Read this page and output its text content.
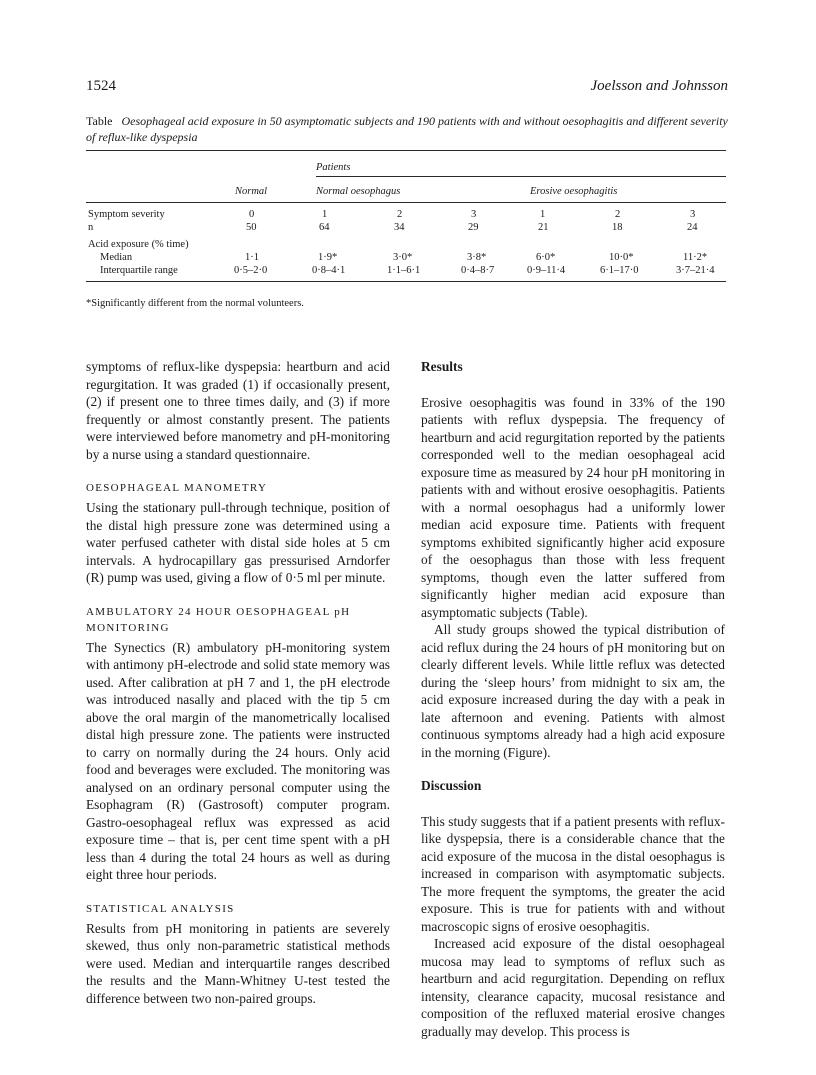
1524	Joelsson and Johnsson
Table Oesophageal acid exposure in 50 asymptomatic subjects and 190 patients with and without oesophagitis and different severity of reflux-like dyspepsia
Patients
Normal	Normal oesophagus	Erosive oesophagitis
Symptom severity	0	1	2	3	1	2	3
n	50	64	34	29	21	18	24
Acid exposure (% time)
Median	1·1	1·9*	3·0*	3·8*	6·0*	10·0*	11·2*
Interquartile range	0·5–2·0	0·8–4·1	1·1–6·1	0·4–8·7	0·9–11·4	6·1–17·0	3·7–21·4
*Significantly different from the normal volunteers.

symptoms of reflux-like dyspepsia: heartburn and acid regurgitation. It was graded (1) if occasionally present, (2) if present one to three times daily, and (3) if more frequently or almost constantly present. The patients were interviewed before manometry and pH-monitoring by a nurse using a standard questionnaire.

OESOPHAGEAL MANOMETRY

Using the stationary pull-through technique, position of the distal high pressure zone was determined using a water perfused catheter with distal side holes at 5 cm intervals. A hydrocapillary gas pressurised Arndorfer (R) pump was used, giving a flow of 0·5 ml per minute.

AMBULATORY 24 HOUR OESOPHAGEAL pH MONITORING

The Synectics (R) ambulatory pH-monitoring system with antimony pH-electrode and solid state memory was used. After calibration at pH 7 and 1, the pH electrode was introduced nasally and placed with the tip 5 cm above the oral margin of the manometrically localised distal high pressure zone. The patients were instructed to carry on normally during the 24 hours. Only acid food and beverages were excluded. The monitoring was analysed on an ordinary personal computer using the Esophagram (R) (Gastrosoft) computer program. Gastro-oesophageal reflux was expressed as acid exposure time – that is, per cent time spent with a pH less than 4 during the total 24 hours as well as during eight three hour periods.

STATISTICAL ANALYSIS

Results from pH monitoring in patients are severely skewed, thus only non-parametric statistical methods were used. Median and interquartile ranges described the results and the Mann-Whitney U-test tested the difference between two non-paired groups.

Results

Erosive oesophagitis was found in 33% of the 190 patients with reflux dyspepsia. The frequency of heartburn and acid regurgitation reported by the patients corresponded well to the median oesophageal acid exposure time as measured by 24 hour pH monitoring in patients with and without erosive oesophagitis. Patients with a normal oesophagus had a uniformly lower median acid exposure time. Patients with frequent symptoms exhibited significantly higher acid exposure of the oesophagus than those with less frequent symptoms, though even the latter suffered from significantly higher median acid exposure than asymptomatic subjects (Table).

All study groups showed the typical distribution of acid reflux during the 24 hours of pH monitoring but on clearly different levels. While little reflux was detected during the ‘sleep hours’ from midnight to six am, the acid exposure increased during the day with a peak in late afternoon and evening. Patients with almost continuous symptoms already had a high acid exposure in the morning (Figure).

Discussion

This study suggests that if a patient presents with reflux-like dyspepsia, there is a considerable chance that the acid exposure of the mucosa in the distal oesophagus is increased in comparison with asymptomatic subjects. The more frequent the symptoms, the greater the acid exposure. This is true for patients with and without macroscopic signs of erosive oesophagitis.

Increased acid exposure of the distal oesophageal mucosa may lead to symptoms of reflux such as heartburn and acid regurgitation. Depending on reflux intensity, clearance capacity, mucosal resistance and composition of the refluxed material erosive changes gradually may develop. This process is
